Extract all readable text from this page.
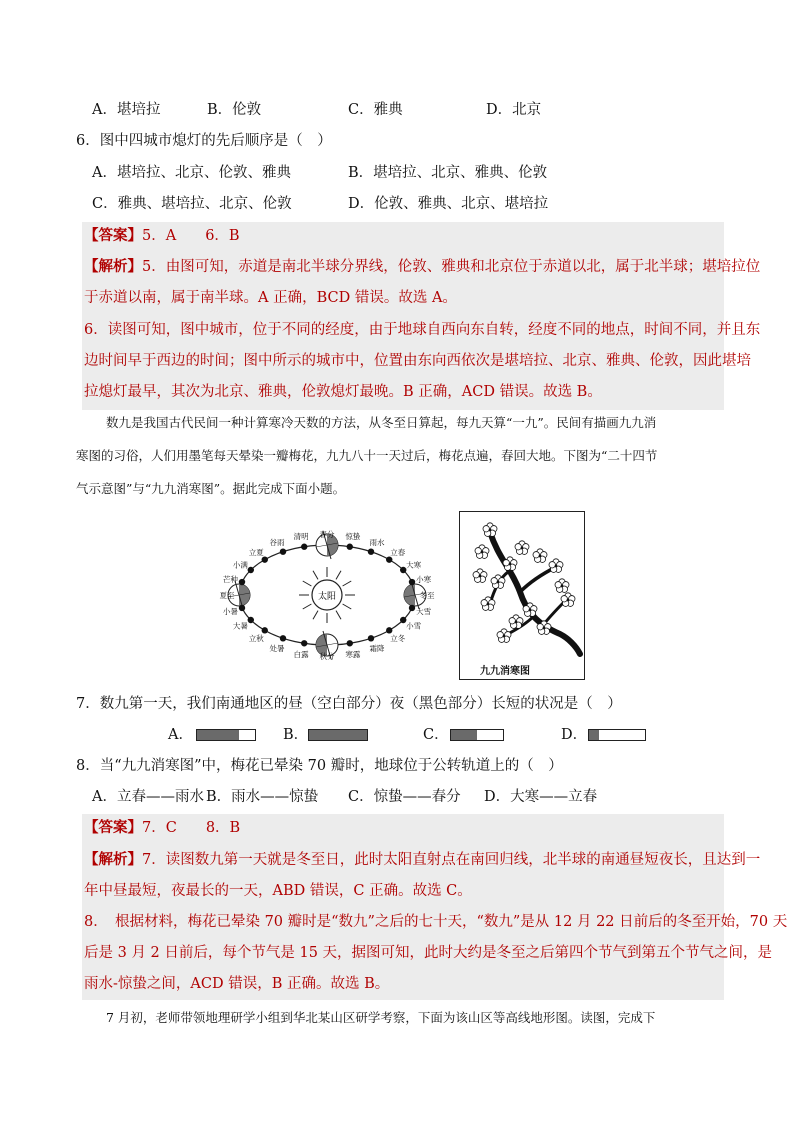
A．堪培拉	B．伦敦	C．雅典	D．北京
6．图中四城市熄灯的先后顺序是（　）
A．堪培拉、北京、伦敦、雅典	B．堪培拉、北京、雅典、伦敦
C．雅典、堪培拉、北京、伦敦	D．伦敦、雅典、北京、堪培拉
【答案】5．A　　6．B
【解析】5．由图可知，赤道是南北半球分界线，伦敦、雅典和北京位于赤道以北，属于北半球；堪培拉位
于赤道以南，属于南半球。A 正确，BCD 错误。故选 A。
6．读图可知，图中城市，位于不同的经度，由于地球自西向东自转，经度不同的地点，时间不同，并且东
边时间早于西边的时间；图中所示的城市中，位置由东向西依次是堪培拉、北京、雅典、伦敦，因此堪培
拉熄灯最早，其次为北京、雅典，伦敦熄灯最晚。B 正确，ACD 错误。故选 B。
数九是我国古代民间一种计算寒冷天数的方法，从冬至日算起，每九天算“一九”。民间有描画九九消
寒图的习俗，人们用墨笔每天晕染一瓣梅花，九九八十一天过后，梅花点遍，春回大地。下图为“二十四节
气示意图”与“九九消寒图”。据此完成下面小题。
太阳
春分 惊蛰
雨水
立春
大寒
小寒
冬至
大雪
小雪
立冬
霜降
寒露
秋分
白露
处暑
立秋
大暑
小暑
夏至
芒种
小满
立夏
谷雨
清明
九九消寒图
7．数九第一天，我们南通地区的昼（空白部分）夜（黑色部分）长短的状况是（　）
A．	B．	C．	D．
8．当“九九消寒图”中，梅花已晕染 70 瓣时，地球位于公转轨道上的（　）
A．立春——雨水 B．雨水——惊蛰 C．惊蛰——春分 D．大寒——立春
【答案】7．C　　8．B
【解析】7．读图数九第一天就是冬至日，此时太阳直射点在南回归线，北半球的南通昼短夜长，且达到一
年中昼最短，夜最长的一天，ABD 错误，C 正确。故选 C。
8．　根据材料，梅花已晕染 70 瓣时是“数九”之后的七十天，“数九”是从 12 月 22 日前后的冬至开始，70 天
后是 3 月 2 日前后，每个节气是 15 天，据图可知，此时大约是冬至之后第四个节气到第五个节气之间，是
雨水-惊蛰之间，ACD 错误，B 正确。故选 B。
7 月初，老师带领地理研学小组到华北某山区研学考察，下面为该山区等高线地形图。读图，完成下
